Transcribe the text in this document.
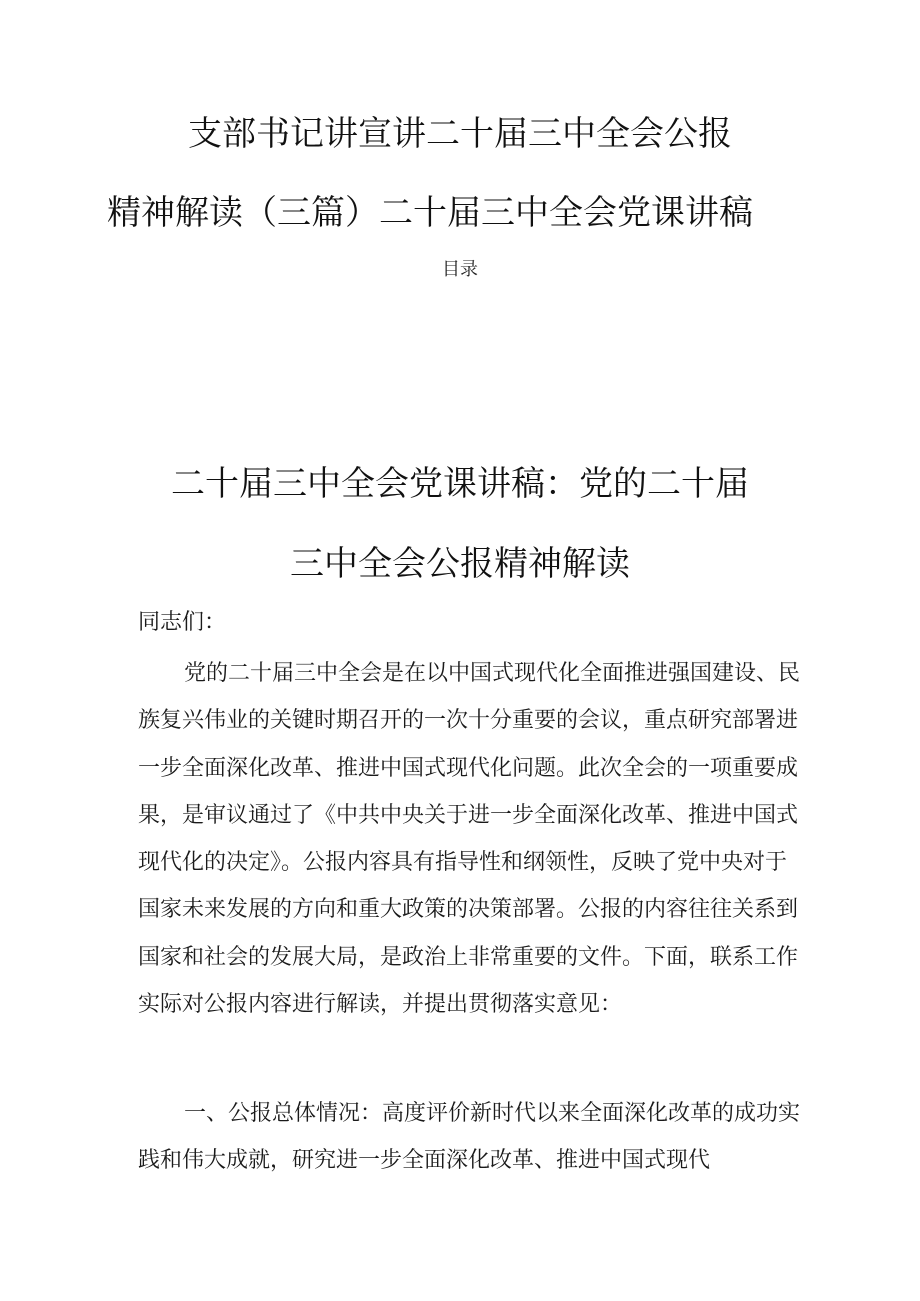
支部书记讲宣讲二十届三中全会公报
精神解读（三篇）二十届三中全会党课讲稿
目录
二十届三中全会党课讲稿：党的二十届
三中全会公报精神解读
同志们：

党的二十届三中全会是在以中国式现代化全面推进强国建设、民族复兴伟业的关键时期召开的一次十分重要的会议，重点研究部署进一步全面深化改革、推进中国式现代化问题。此次全会的一项重要成果，是审议通过了《中共中央关于进一步全面深化改革、推进中国式现代化的决定》。公报内容具有指导性和纲领性，反映了党中央对于国家未来发展的方向和重大政策的决策部署。公报的内容往往关系到国家和社会的发展大局，是政治上非常重要的文件。下面，联系工作实际对公报内容进行解读，并提出贯彻落实意见：

一、公报总体情况：高度评价新时代以来全面深化改革的成功实践和伟大成就，研究进一步全面深化改革、推进中国式现代
